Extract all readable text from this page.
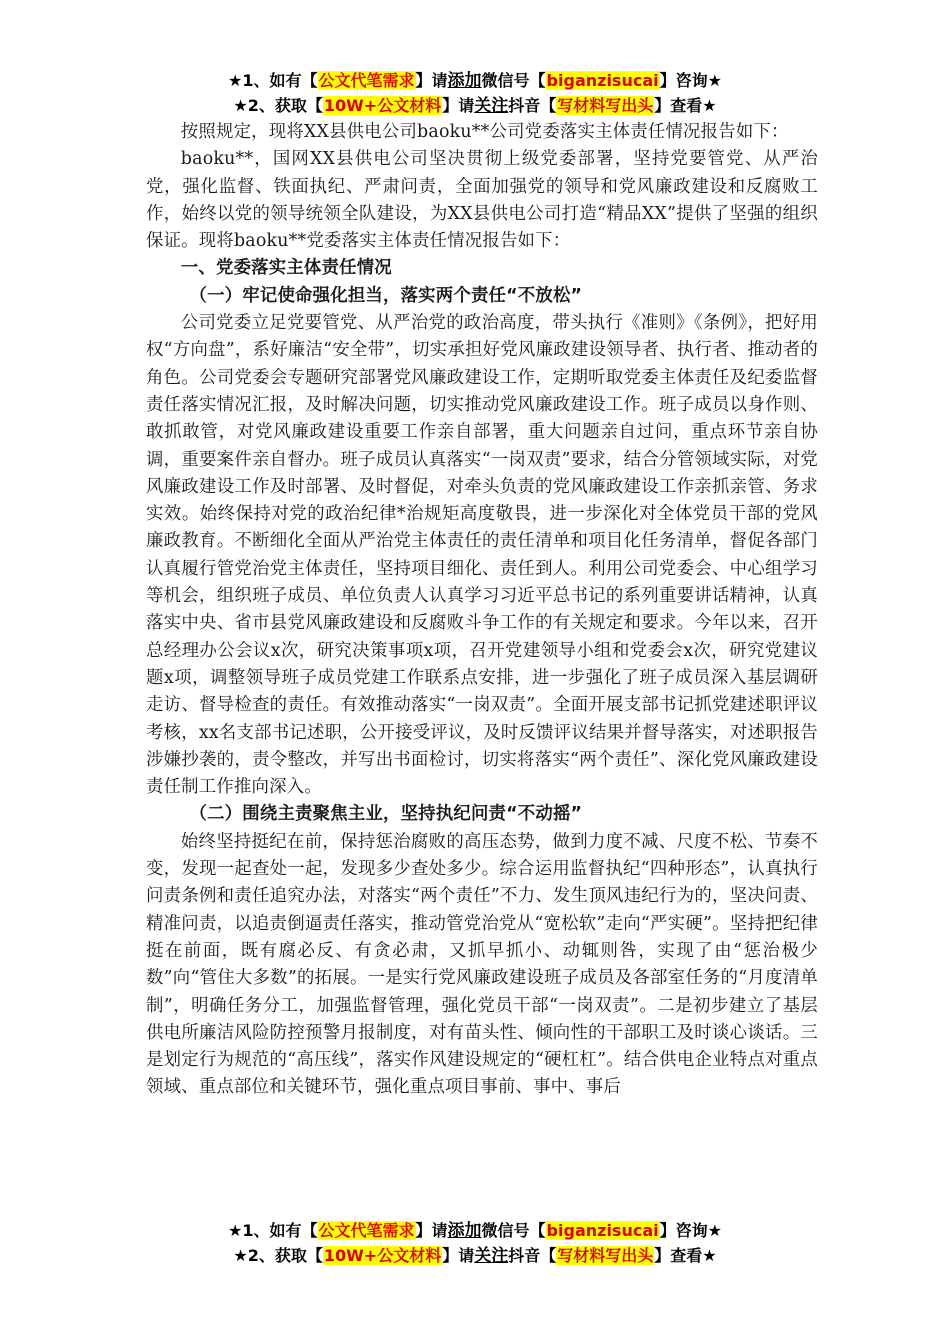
★1、如有【公文代笔需求】请添加微信号【biganzisucai】咨询★
★2、获取【10W+公文材料】请关注抖音【写材料写出头】查看★

按照规定，现将XX县供电公司baoku**公司党委落实主体责任情况报告如下：

baoku**，国网XX县供电公司坚决贯彻上级党委部署，坚持党要管党、从严治党，强化监督、铁面执纪、严肃问责，全面加强党的领导和党风廉政建设和反腐败工作，始终以党的领导统领全队建设，为XX县供电公司打造“精品XX”提供了坚强的组织保证。现将baoku**党委落实主体责任情况报告如下：

一、党委落实主体责任情况

（一）牢记使命强化担当，落实两个责任“不放松”

公司党委立足党要管党、从严治党的政治高度，带头执行《准则》《条例》，把好用权“方向盘”，系好廉洁“安全带”，切实承担好党风廉政建设领导者、执行者、推动者的角色。公司党委会专题研究部署党风廉政建设工作，定期听取党委主体责任及纪委监督责任落实情况汇报，及时解决问题，切实推动党风廉政建设工作。班子成员以身作则、敢抓敢管，对党风廉政建设重要工作亲自部署，重大问题亲自过问，重点环节亲自协调，重要案件亲自督办。班子成员认真落实“一岗双责”要求，结合分管领域实际，对党风廉政建设工作及时部署、及时督促，对牵头负责的党风廉政建设工作亲抓亲管、务求实效。始终保持对党的政治纪律*治规矩高度敬畏，进一步深化对全体党员干部的党风廉政教育。不断细化全面从严治党主体责任的责任清单和项目化任务清单，督促各部门认真履行管党治党主体责任，坚持项目细化、责任到人。利用公司党委会、中心组学习等机会，组织班子成员、单位负责人认真学习习近平总书记的系列重要讲话精神，认真落实中央、省市县党风廉政建设和反腐败斗争工作的有关规定和要求。今年以来，召开总经理办公会议x次，研究决策事项x项，召开党建领导小组和党委会x次，研究党建议题x项，调整领导班子成员党建工作联系点安排，进一步强化了班子成员深入基层调研走访、督导检查的责任。有效推动落实“一岗双责”。全面开展支部书记抓党建述职评议考核，xx名支部书记述职，公开接受评议，及时反馈评议结果并督导落实，对述职报告涉嫌抄袭的，责令整改，并写出书面检讨，切实将落实“两个责任”、深化党风廉政建设责任制工作推向深入。

（二）围绕主责聚焦主业，坚持执纪问责“不动摇”

始终坚持挺纪在前，保持惩治腐败的高压态势，做到力度不减、尺度不松、节奏不变，发现一起查处一起，发现多少查处多少。综合运用监督执纪“四种形态”，认真执行问责条例和责任追究办法，对落实“两个责任”不力、发生顶风违纪行为的，坚决问责、精准问责，以追责倒逼责任落实，推动管党治党从“宽松软”走向“严实硬”。坚持把纪律挺在前面，既有腐必反、有贪必肃，又抓早抓小、动辄则咎，实现了由“惩治极少数”向“管住大多数”的拓展。一是实行党风廉政建设班子成员及各部室任务的“月度清单制”，明确任务分工，加强监督管理，强化党员干部“一岗双责”。二是初步建立了基层供电所廉洁风险防控预警月报制度，对有苗头性、倾向性的干部职工及时谈心谈话。三是划定行为规范的“高压线”，落实作风建设规定的“硬杠杠”。结合供电企业特点对重点领域、重点部位和关键环节，强化重点项目事前、事中、事后

★1、如有【公文代笔需求】请添加微信号【biganzisucai】咨询★
★2、获取【10W+公文材料】请关注抖音【写材料写出头】查看★
